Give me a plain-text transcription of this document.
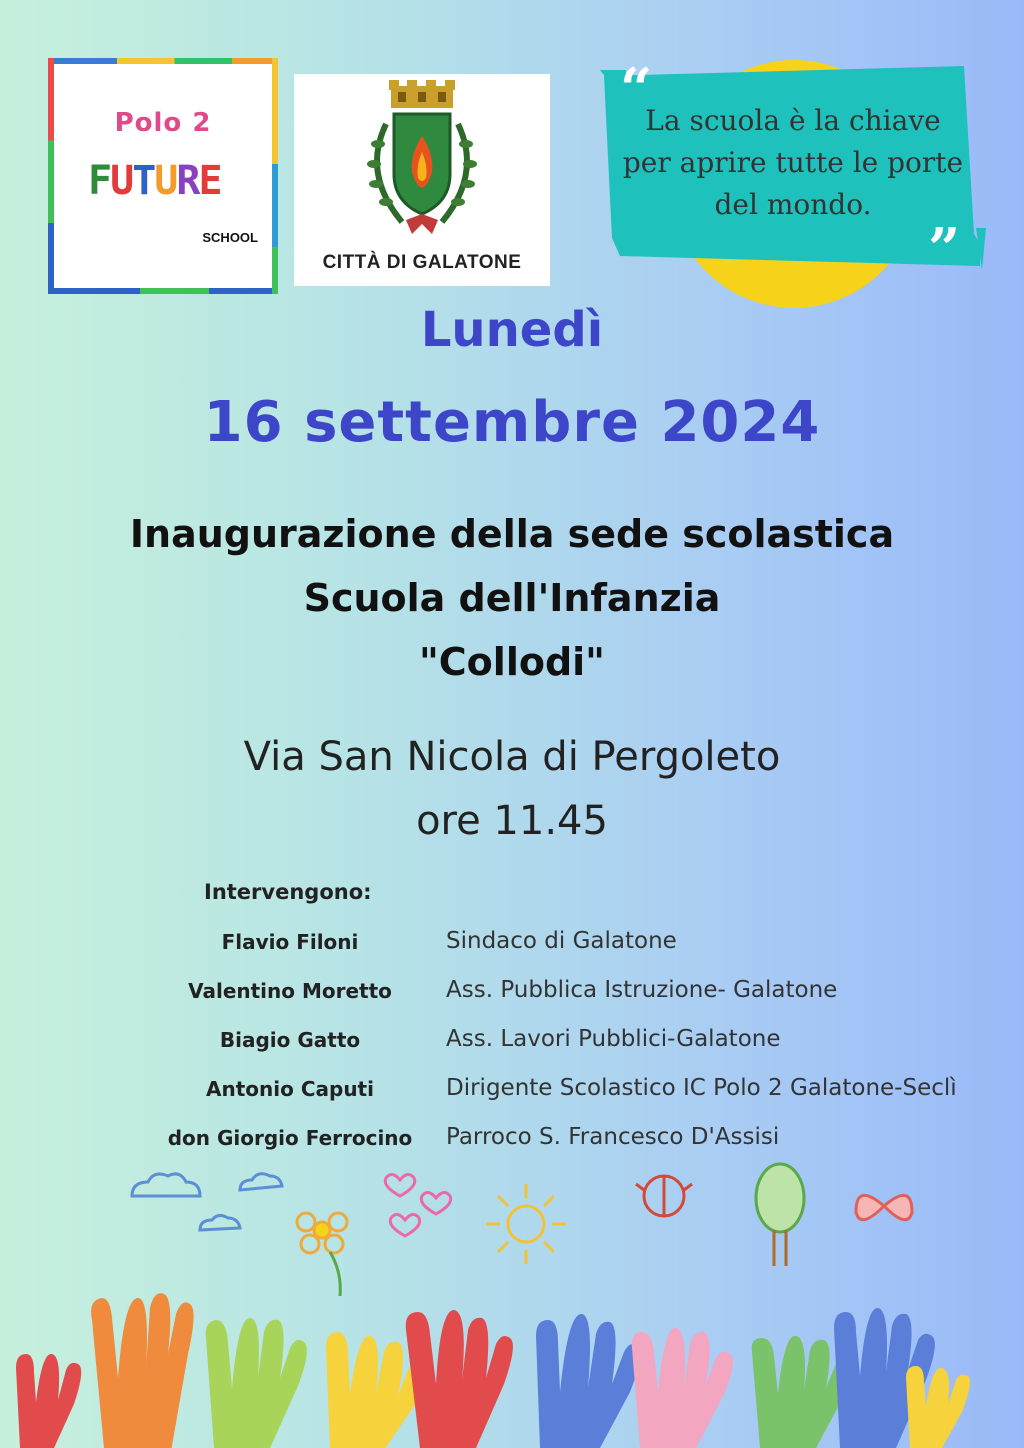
Polo 2
FUTURE
SCHOOL
CITTÀ DI GALATONE
“
La scuola è la chiave
per aprire tutte le porte
del mondo.
”
Lunedì
16 settembre 2024
Inaugurazione della sede scolastica
Scuola dell'Infanzia
"Collodi"
Via San Nicola di Pergoleto
ore 11.45
Intervengono:
Flavio Filoni	Sindaco di Galatone
Valentino Moretto	Ass. Pubblica Istruzione- Galatone
Biagio Gatto	Ass. Lavori Pubblici-Galatone
Antonio Caputi	Dirigente Scolastico IC Polo 2 Galatone-Seclì
don Giorgio Ferrocino	Parroco S. Francesco D'Assisi
